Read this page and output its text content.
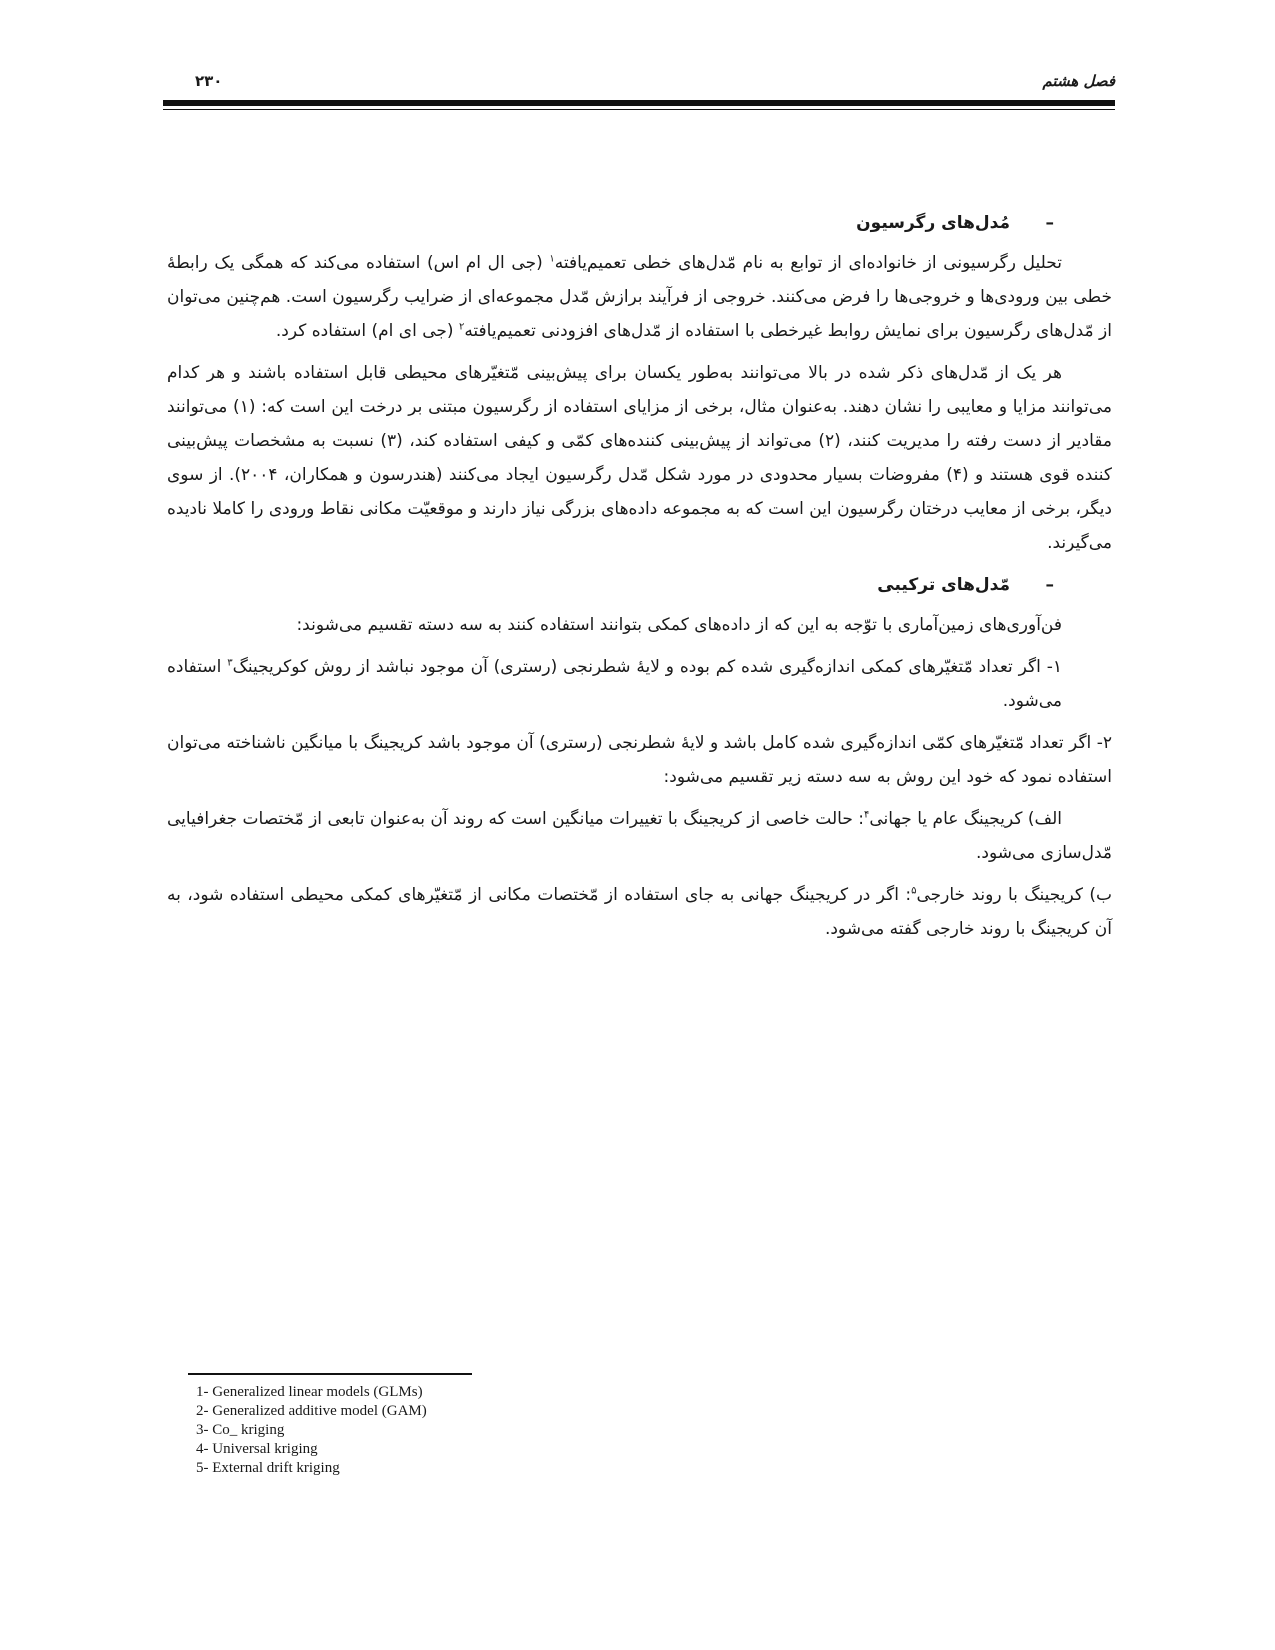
فصل هشتم
۲۳۰
–مُدل‌های رگرسیون

تحلیل رگرسیونی از خانواده‌ای از توابع به نام مّدل‌های خطی تعمیم‌یافته$^۱$ (جی ال ام اس) استفاده می‌کند که همگی یک رابطهٔ خطی بین ورودی‌ها و خروجی‌ها را فرض می‌کنند. خروجی از فرآیند برازش مّدل مجموعه‌ای از ضرایب رگرسیون است. هم‌چنین می‌توان از مّدل‌های رگرسیون برای نمایش روابط غیرخطی با استفاده از مّدل‌های افزودنی تعمیم‌یافته$^۲$ (جی ای ام) استفاده کرد.

هر یک از مّدل‌های ذکر شده در بالا می‌توانند به‌طور یکسان برای پیش‌بینی مّتغیّرهای محیطی قابل استفاده باشند و هر کدام می‌توانند مزایا و معایبی را نشان دهند. به‌عنوان مثال، برخی از مزایای استفاده از رگرسیون مبتنی بر درخت این است که: (۱) می‌توانند مقادیر از دست رفته را مدیریت کنند، (۲) می‌تواند از پیش‌بینی کننده‌های کمّی و کیفی استفاده کند، (۳) نسبت به مشخصات پیش‌بینی کننده قوی هستند و (۴) مفروضات بسیار محدودی در مورد شکل مّدل رگرسیون ایجاد می‌کنند (هندرسون و همکاران، ۲۰۰۴). از سوی دیگر، برخی از معایب درختان رگرسیون این است که به مجموعه داده‌های بزرگی نیاز دارند و موقعیّت مکانی نقاط ورودی را کاملا نادیده می‌گیرند.

–مّدل‌های ترکیبی

فن‌آوری‌های زمین‌آماری با توّجه به این که از داده‌های کمکی بتوانند استفاده کنند به سه دسته تقسیم می‌شوند:

۱- اگر تعداد مّتغیّرهای کمکی اندازه‌گیری شده کم بوده و لایهٔ شطرنجی (رستری) آن موجود نباشد از روش کوکریجینگ$^۳$ استفاده می‌شود.

۲- اگر تعداد مّتغیّرهای کمّی اندازه‌گیری شده کامل باشد و لایهٔ شطرنجی (رستری) آن موجود باشد کریجینگ با میانگین ناشناخته می‌توان استفاده نمود که خود این روش به سه دسته زیر تقسیم می‌شود:

الف) کریجینگ عام یا جهانی$^۴$: حالت خاصی از کریجینگ با تغییرات میانگین است که روند آن به‌عنوان تابعی از مّختصات جغرافیایی مّدل‌سازی می‌شود.

ب) کریجینگ با روند خارجی$^۵$: اگر در کریجینگ جهانی به جای استفاده از مّختصات مکانی از مّتغیّرهای کمکی محیطی استفاده شود، به آن کریجینگ با روند خارجی گفته می‌شود.

1- Generalized linear models (GLMs)
2- Generalized additive model (GAM)
3- Co_ kriging
4- Universal kriging
5- External drift kriging
